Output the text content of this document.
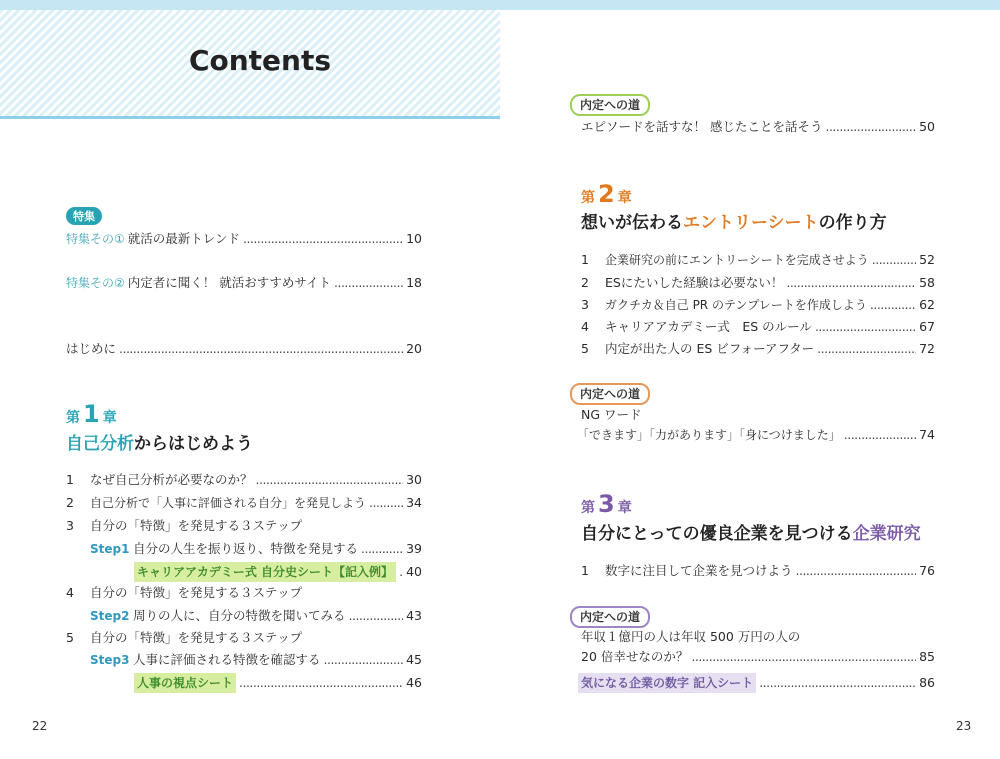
Contents
特集
特集その① 就活の最新トレンド .....	10
特集その② 内定者に聞く！ 就活おすすめサイト .....	18
はじめに .....	20
第 1 章
自己分析からはじめよう
1	なぜ自己分析が必要なのか？ .....	30
2	自己分析で「人事に評価される自分」を発見しよう .....	34
3	自分の「特徴」を発見する３ステップ
Step1 自分の人生を振り返り、特徴を発見する .....	39
キャリアアカデミー式 自分史シート【記入例】 ..... 40
4	自分の「特徴」を発見する３ステップ
Step2 周りの人に、自分の特徴を聞いてみる .....	43
5	自分の「特徴」を発見する３ステップ
Step3 人事に評価される特徴を確認する .....	45
人事の視点シート .....	46
22
内定への道
エピソードを話すな！ 感じたことを話そう .....	50
第 2 章
想いが伝わるエントリーシートの作り方
1	企業研究の前にエントリーシートを完成させよう .....	52
2	ESにたいした経験は必要ない！ .....	58
3	ガクチカ＆自己 PR のテンプレートを作成しよう .....	62
4	キャリアアカデミー式　ES のルール .....	67
5	内定が出た人の ES ビフォーアフター .....	72
内定への道
NG ワード
「できます」「力があります」「身につけました」 .....	74
第 3 章
自分にとっての優良企業を見つける企業研究
1	数字に注目して企業を見つけよう .....	76
内定への道
年収１億円の人は年収 500 万円の人の
20 倍幸せなのか？ .....	85
気になる企業の数字 記入シート .....	86
23
